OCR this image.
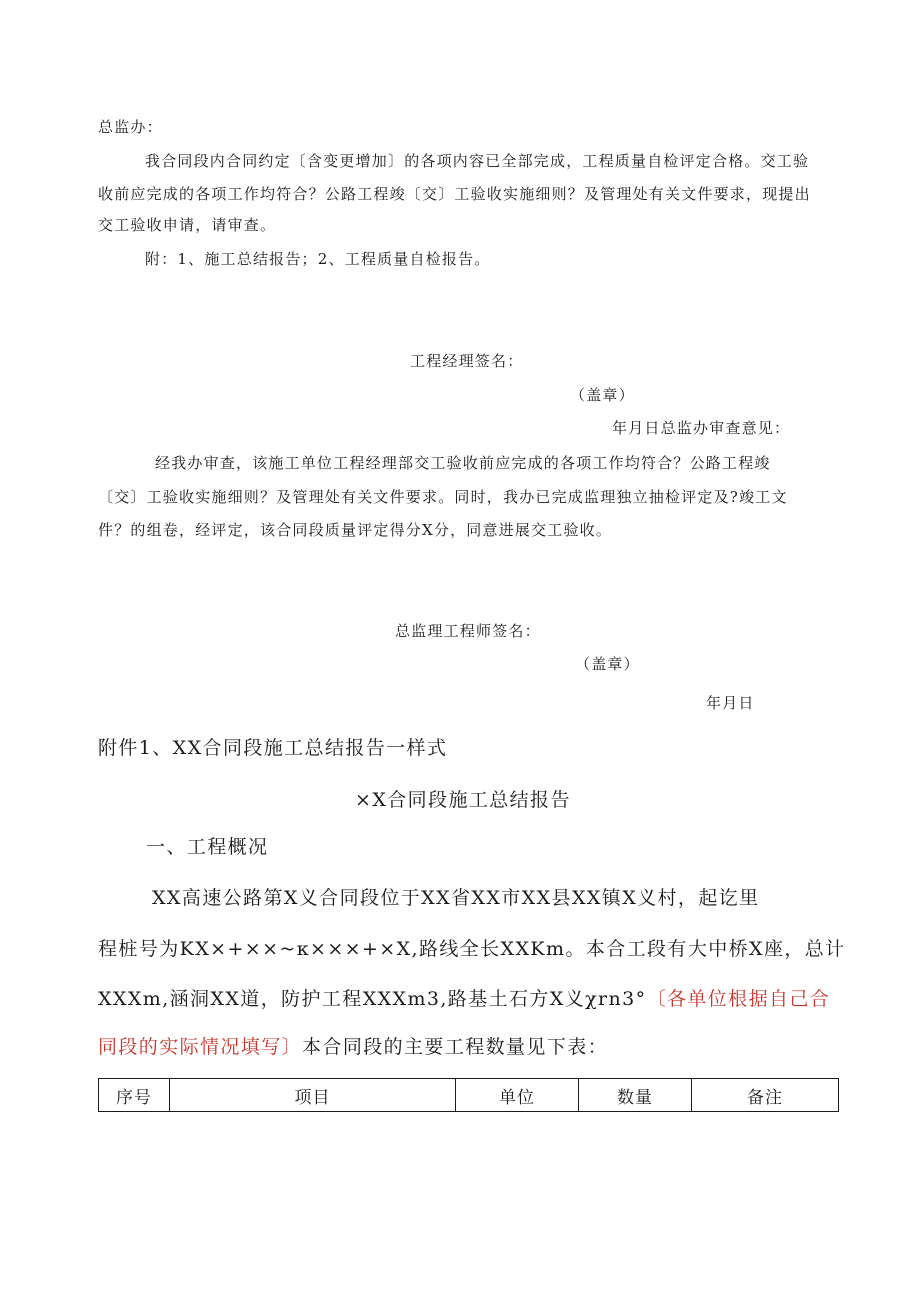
总监办：
我合同段内合同约定〔含变更增加〕的各项内容已全部完成，工程质量自检评定合格。交工验
收前应完成的各项工作均符合？公路工程竣〔交〕工验收实施细则？及管理处有关文件要求，现提出
交工验收申请，请审查。
附：1、施工总结报告；2、工程质量自检报告。
工程经理签名：
（盖章）
年月日总监办审查意见：
经我办审查，该施工单位工程经理部交工验收前应完成的各项工作均符合？公路工程竣
〔交〕工验收实施细则？及管理处有关文件要求。同时，我办已完成监理独立抽检评定及?竣工文
件？的组卷，经评定，该合同段质量评定得分X分，同意进展交工验收。
总监理工程师签名：
（盖章）
年月日
附件1、XX合同段施工总结报告一样式
×X合同段施工总结报告
一、工程概况
XX高速公路第X义合同段位于XX省XX市XX县XX镇X义村，起讫里
程桩号为KX×+××~κ×××+×X,路线全长XXKm。本合工段有大中桥X座，总计
XXXm,涵洞XX道，防护工程XXXm3,路基土石方X义χrn3°〔各单位根据自己合
同段的实际情况填写〕本合同段的主要工程数量见下表：
序号	项目	单位	数量	备注
